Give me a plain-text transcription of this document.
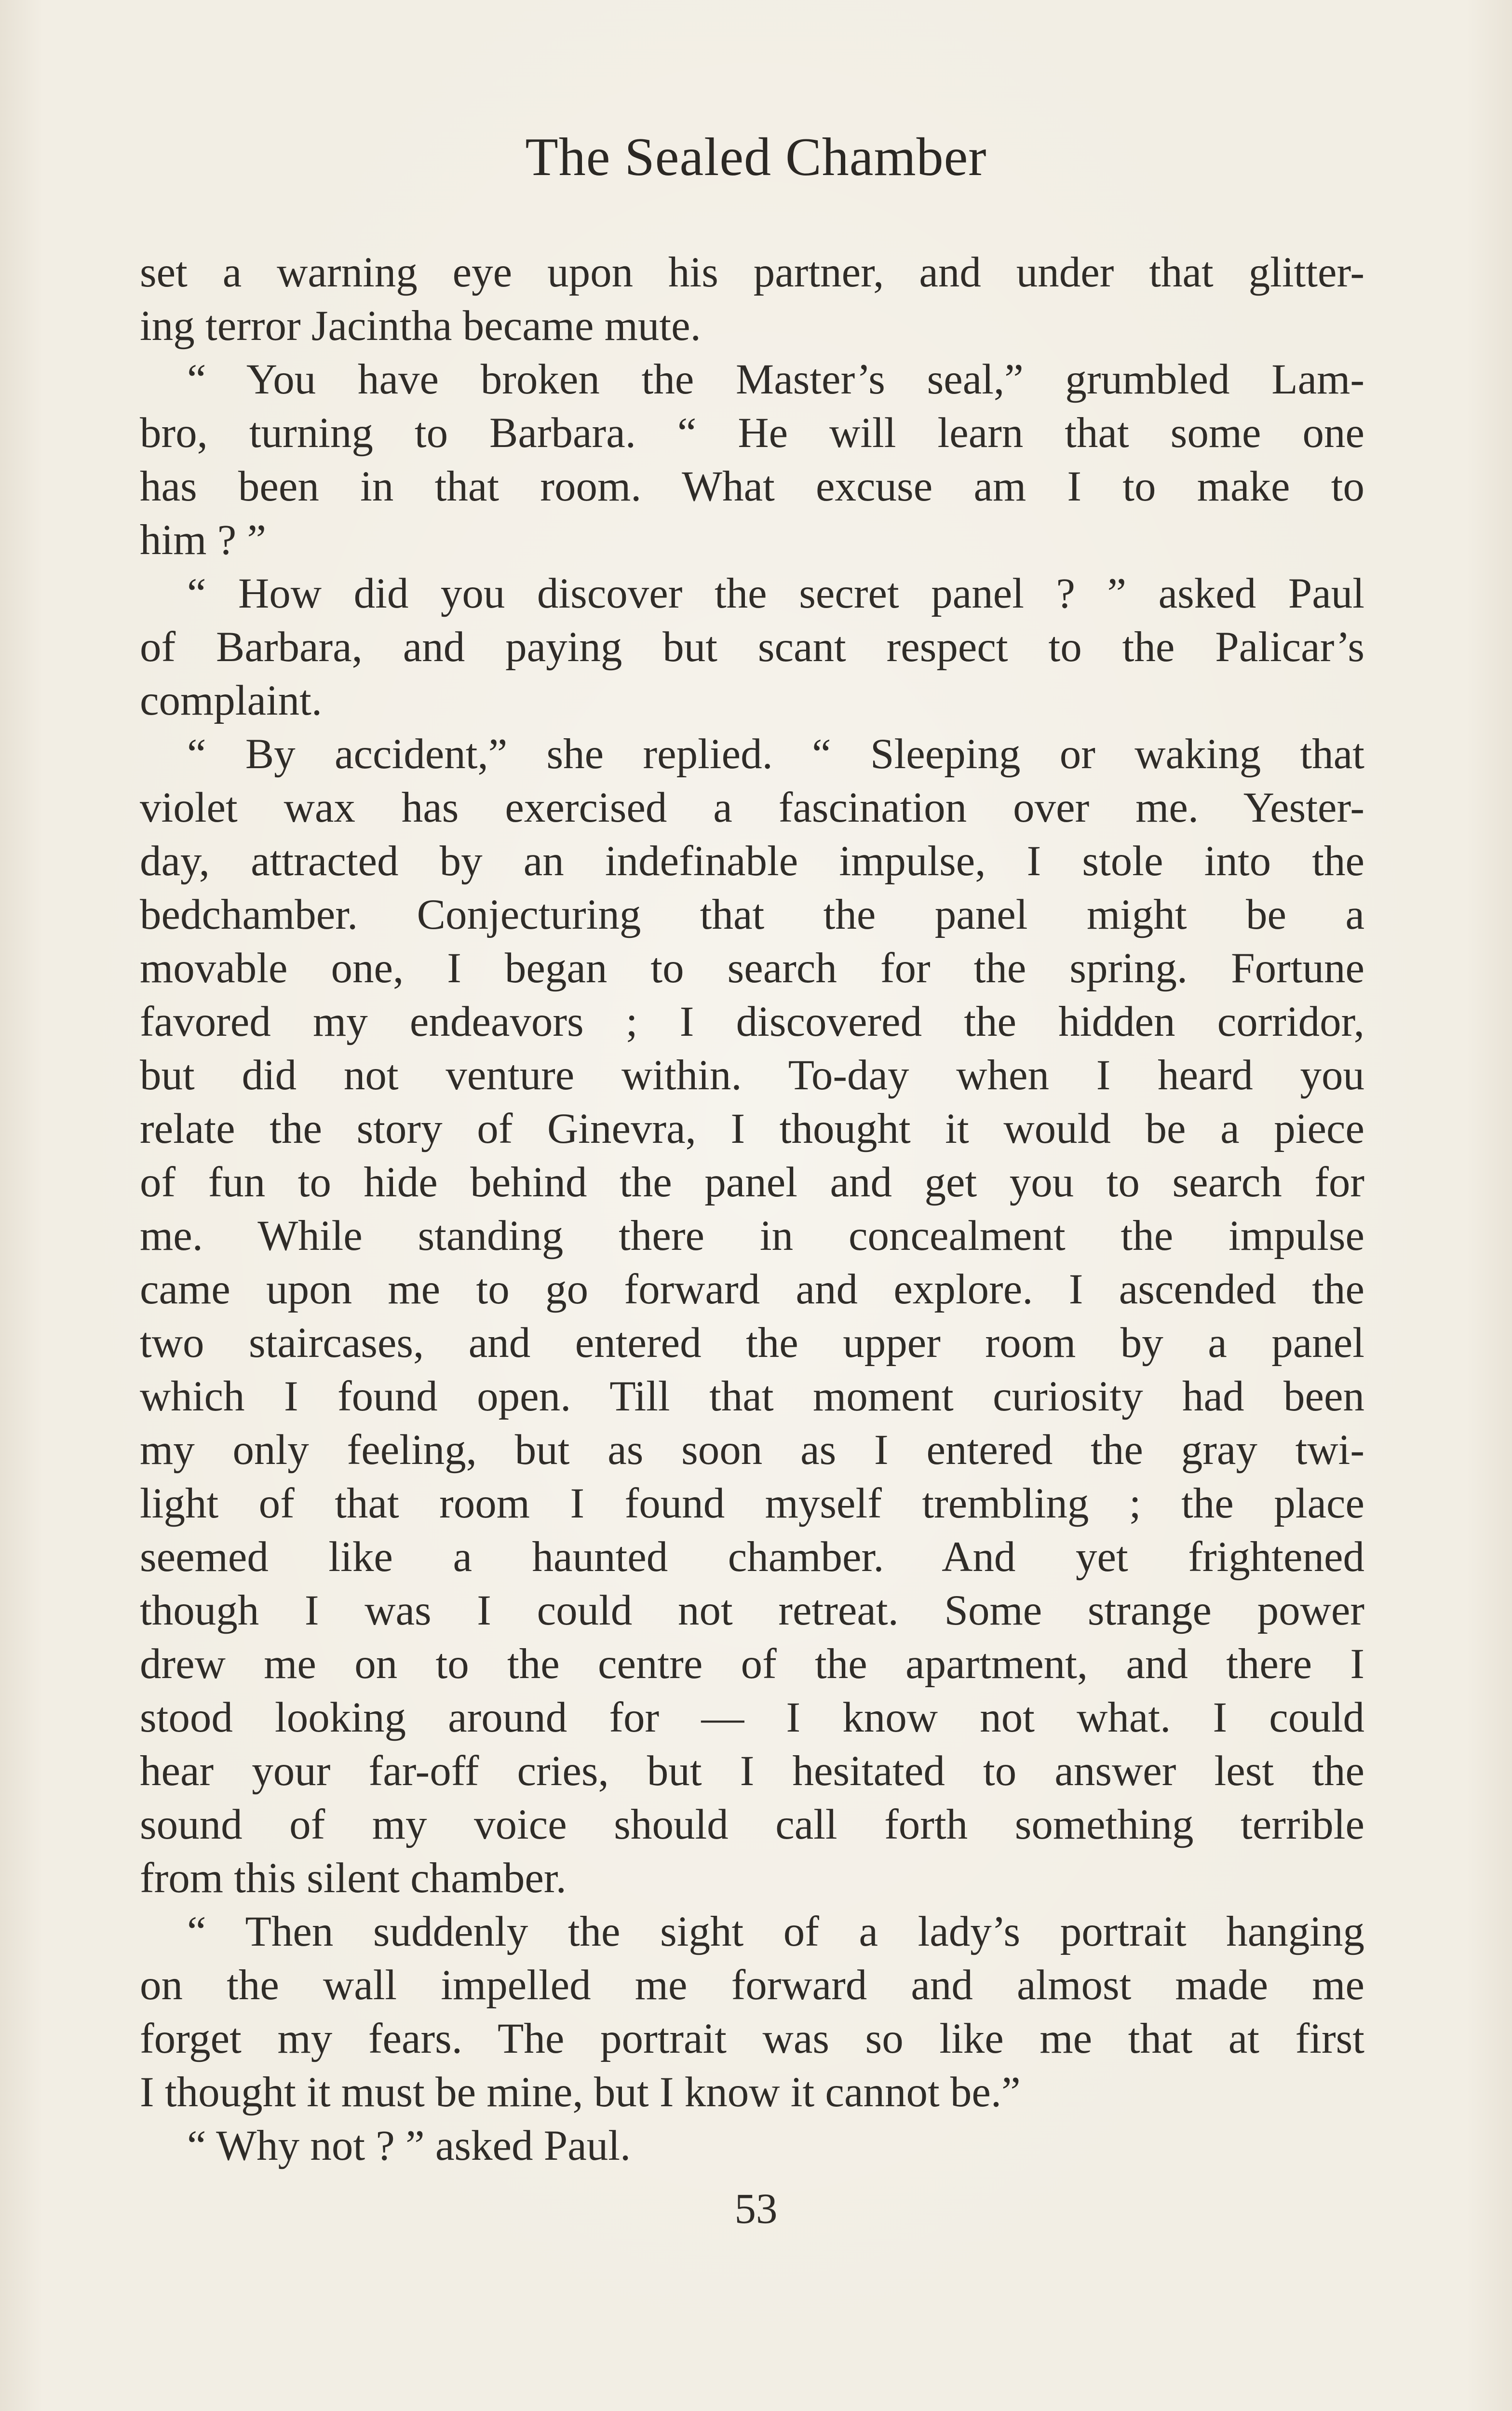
The Sealed Chamber
set a warning eye upon his partner, and under that glitter-
ing terror Jacintha became mute.
“ You have broken the Master’s seal,” grumbled Lam-
bro, turning to Barbara. “ He will learn that some one
has been in that room. What excuse am I to make to
him ? ”
“ How did you discover the secret panel ? ” asked Paul
of Barbara, and paying but scant respect to the Palicar’s
complaint.
“ By accident,” she replied. “ Sleeping or waking that
violet wax has exercised a fascination over me. Yester-
day, attracted by an indefinable impulse, I stole into the
bedchamber. Conjecturing that the panel might be a
movable one, I began to search for the spring. Fortune
favored my endeavors ; I discovered the hidden corridor,
but did not venture within. To-day when I heard you
relate the story of Ginevra, I thought it would be a piece
of fun to hide behind the panel and get you to search for
me. While standing there in concealment the impulse
came upon me to go forward and explore. I ascended the
two staircases, and entered the upper room by a panel
which I found open. Till that moment curiosity had been
my only feeling, but as soon as I entered the gray twi-
light of that room I found myself trembling ; the place
seemed like a haunted chamber. And yet frightened
though I was I could not retreat. Some strange power
drew me on to the centre of the apartment, and there I
stood looking around for — I know not what. I could
hear your far-off cries, but I hesitated to answer lest the
sound of my voice should call forth something terrible
from this silent chamber.
“ Then suddenly the sight of a lady’s portrait hanging
on the wall impelled me forward and almost made me
forget my fears. The portrait was so like me that at first
I thought it must be mine, but I know it cannot be.”
“ Why not ? ” asked Paul.
53
